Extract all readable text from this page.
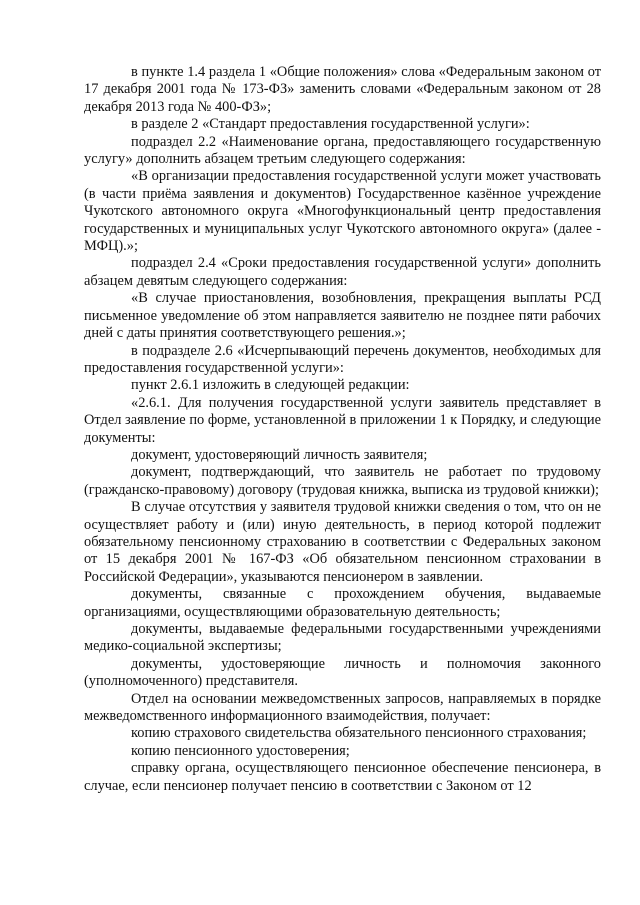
в пункте 1.4 раздела 1 «Общие положения» слова «Федеральным законом от 17 декабря 2001 года № 173-ФЗ» заменить словами «Федеральным законом от 28 декабря 2013 года № 400-ФЗ»;

в разделе 2 «Стандарт предоставления государственной услуги»:

подраздел 2.2 «Наименование органа, предоставляющего государственную услугу» дополнить абзацем третьим следующего содержания:

«В организации предоставления государственной услуги может участвовать (в части приёма заявления и документов) Государственное казённое учреждение Чукотского автономного округа «Многофункциональный центр предоставления государственных и муниципальных услуг Чукотского автономного округа» (далее - МФЦ).»;

подраздел 2.4 «Сроки предоставления государственной услуги» дополнить абзацем девятым следующего содержания:

«В случае приостановления, возобновления, прекращения выплаты РСД письменное уведомление об этом направляется заявителю не позднее пяти рабочих дней с даты принятия соответствующего решения.»;

в подразделе 2.6 «Исчерпывающий перечень документов, необходимых для предоставления государственной услуги»:

пункт 2.6.1 изложить в следующей редакции:

«2.6.1. Для получения государственной услуги заявитель представляет в Отдел заявление по форме, установленной в приложении 1 к Порядку, и следующие документы:

документ, удостоверяющий личность заявителя;

документ, подтверждающий, что заявитель не работает по трудовому (гражданско-правовому) договору (трудовая книжка, выписка из трудовой книжки);

В случае отсутствия у заявителя трудовой книжки сведения о том, что он не осуществляет работу и (или) иную деятельность, в период которой подлежит обязательному пенсионному страхованию в соответствии с Федеральных законом от 15 декабря 2001 № 167-ФЗ «Об обязательном пенсионном страховании в Российской Федерации», указываются пенсионером в заявлении.

документы, связанные с прохождением обучения, выдаваемые организациями, осуществляющими образовательную деятельность;

документы, выдаваемые федеральными государственными учреждениями медико-социальной экспертизы;

документы, удостоверяющие личность и полномочия законного (уполномоченного) представителя.

Отдел на основании межведомственных запросов, направляемых в порядке межведомственного информационного взаимодействия, получает:

копию страхового свидетельства обязательного пенсионного страхования;

копию пенсионного удостоверения;

справку органа, осуществляющего пенсионное обеспечение пенсионера, в случае, если пенсионер получает пенсию в соответствии с Законом от 12
